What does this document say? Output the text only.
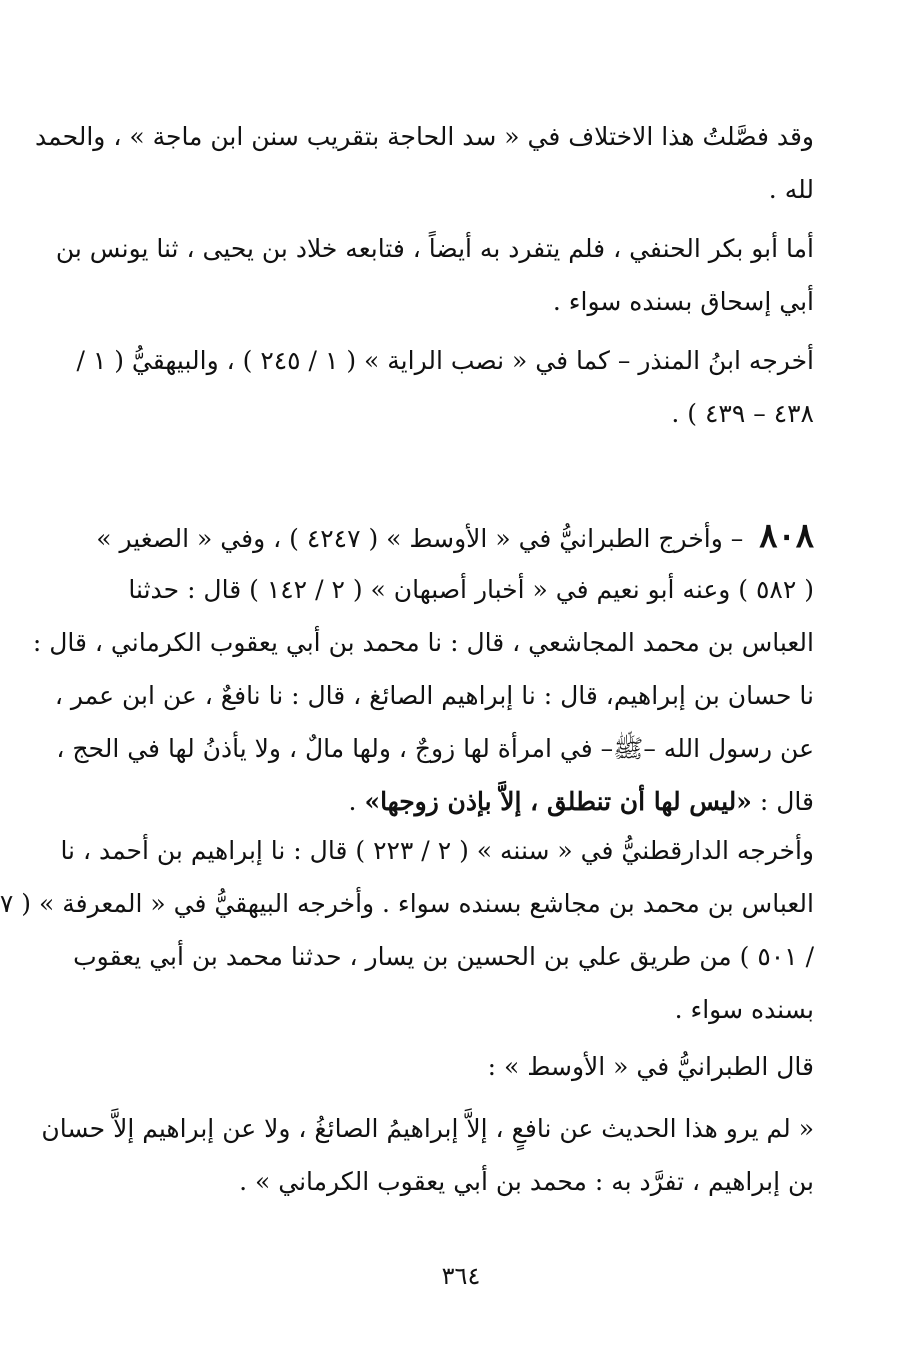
وقد فصَّلتُ هذا الاختلاف في « سد الحاجة بتقريب سنن ابن ماجة » ، والحمد
لله .
أما أبو بكر الحنفي ، فلم يتفرد به أيضاً ، فتابعه خلاد بن يحيى ، ثنا يونس بن
أبي إسحاق بسنده سواء .
أخرجه ابنُ المنذر – كما في « نصب الراية » ( ١ / ٢٤٥ ) ، والبيهقيُّ ( ١ /
٤٣٨ – ٤٣٩ ) .
٨٠٨ – وأخرج الطبرانيُّ في « الأوسط » ( ٤٢٤٧ ) ، وفي « الصغير »
( ٥٨٢ ) وعنه أبو نعيم في « أخبار أصبهان » ( ٢ / ١٤٢ ) قال : حدثنا
العباس بن محمد المجاشعي ، قال : نا محمد بن أبي يعقوب الكرماني ، قال :
نا حسان بن إبراهيم، قال : نا إبراهيم الصائغ ، قال : نا نافعٌ ، عن ابن عمر ،
عن رسول الله –ﷺ– في امرأة لها زوجٌ ، ولها مالٌ ، ولا يأذنُ لها في الحج ،
قال : «ليس لها أن تنطلق ، إلاَّ بإذن زوجها» .
وأخرجه الدارقطنيُّ في « سننه » ( ٢ / ٢٢٣ ) قال : نا إبراهيم بن أحمد ، نا
العباس بن محمد بن مجاشع بسنده سواء . وأخرجه البيهقيُّ في « المعرفة » ( ٧
/ ٥٠١ ) من طريق علي بن الحسين بن يسار ، حدثنا محمد بن أبي يعقوب
بسنده سواء .
قال الطبرانيُّ في « الأوسط » :
« لم يرو هذا الحديث عن نافعٍ ، إلاَّ إبراهيمُ الصائغُ ، ولا عن إبراهيم إلاَّ حسان
بن إبراهيم ، تفرَّد به : محمد بن أبي يعقوب الكرماني » .
٣٦٤
